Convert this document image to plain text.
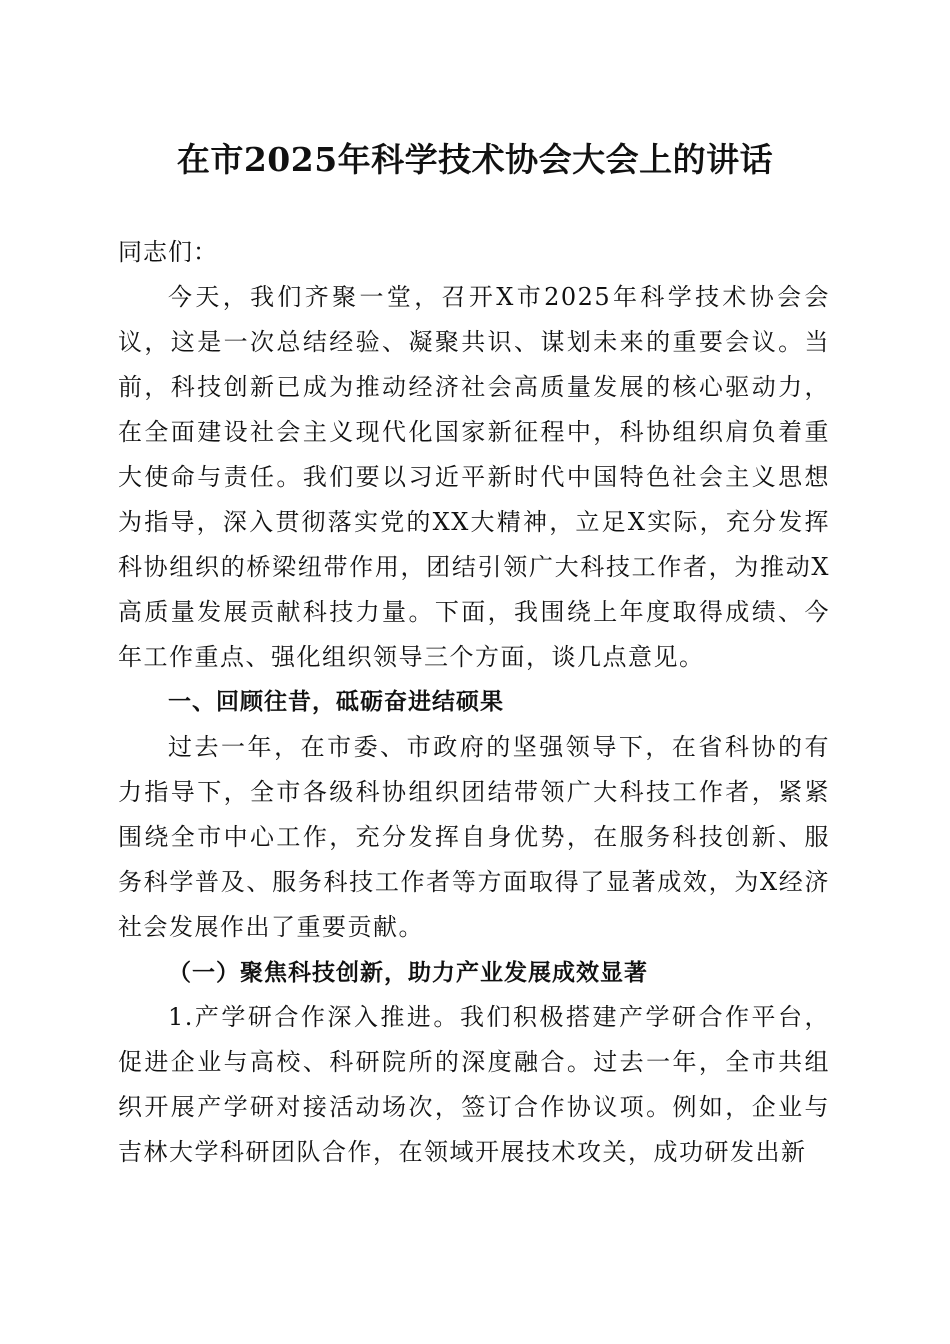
在市2025年科学技术协会大会上的讲话

同志们：

今天，我们齐聚一堂，召开X市2025年科学技术协会会议，这是一次总结经验、凝聚共识、谋划未来的重要会议。当前，科技创新已成为推动经济社会高质量发展的核心驱动力，在全面建设社会主义现代化国家新征程中，科协组织肩负着重大使命与责任。我们要以习近平新时代中国特色社会主义思想为指导，深入贯彻落实党的XX大精神，立足X实际，充分发挥科协组织的桥梁纽带作用，团结引领广大科技工作者，为推动X高质量发展贡献科技力量。下面，我围绕上年度取得成绩、今年工作重点、强化组织领导三个方面，谈几点意见。

一、回顾往昔，砥砺奋进结硕果

过去一年，在市委、市政府的坚强领导下，在省科协的有力指导下，全市各级科协组织团结带领广大科技工作者，紧紧围绕全市中心工作，充分发挥自身优势，在服务科技创新、服务科学普及、服务科技工作者等方面取得了显著成效，为X经济社会发展作出了重要贡献。

（一）聚焦科技创新，助力产业发展成效显著

1.产学研合作深入推进。我们积极搭建产学研合作平台，促进企业与高校、科研院所的深度融合。过去一年，全市共组织开展产学研对接活动场次，签订合作协议项。例如，企业与吉林大学科研团队合作，在领域开展技术攻关，成功研发出新
